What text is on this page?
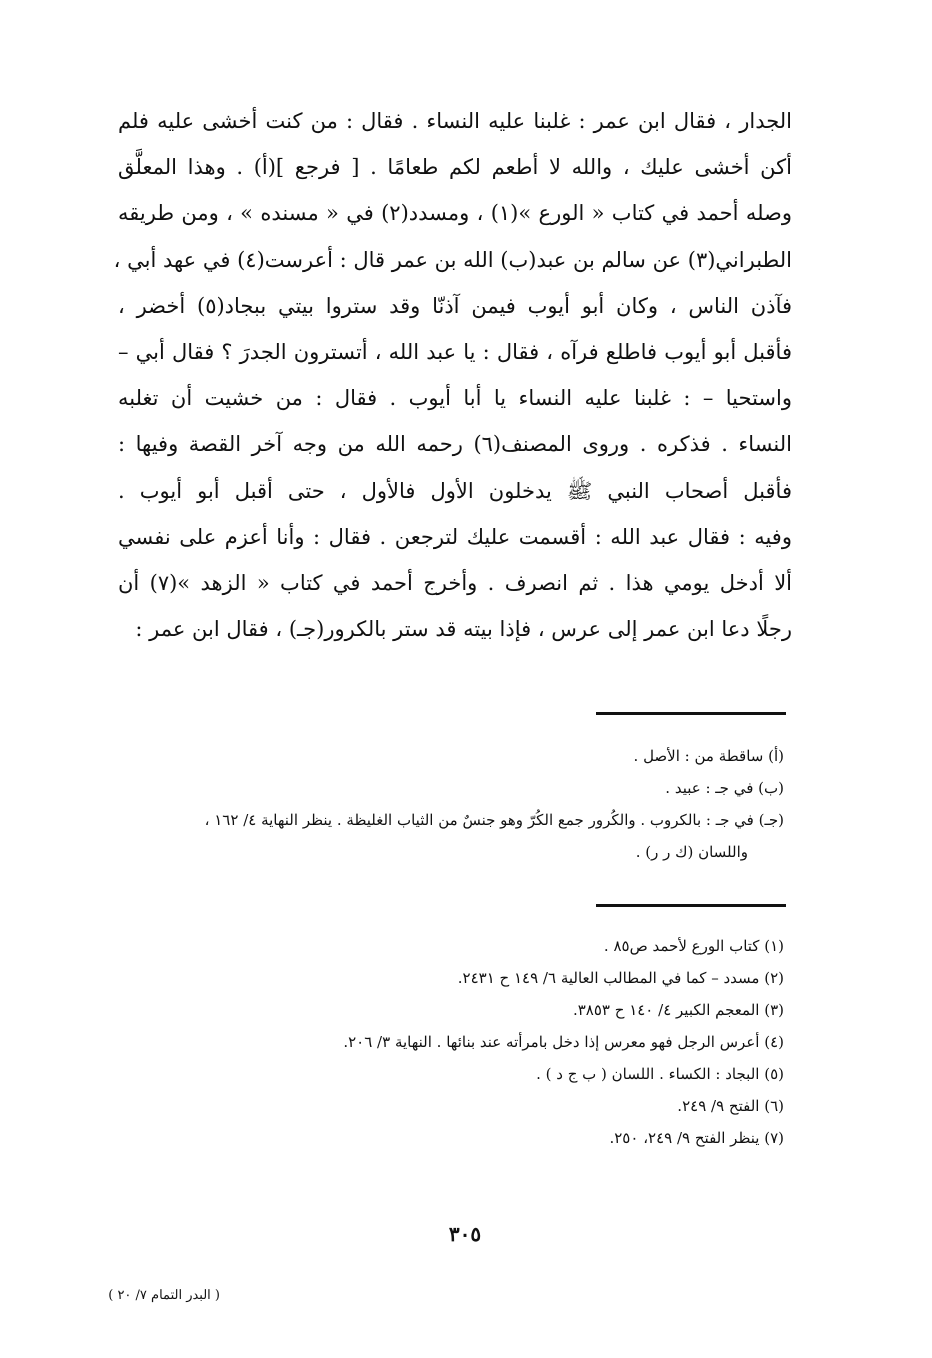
الجدار ، فقال ابن عمر : غلبنا عليه النساء . فقال : من كنت أخشى عليه فلم
أكن أخشى عليك ، والله لا أطعم لكم طعامًا . [ فرجع ](أ) . وهذا المعلَّق
وصله أحمد في كتاب « الورع »(١) ، ومسدد(٢) في « مسنده » ، ومن طريقه
الطبراني(٣) عن سالم بن عبد(ب) الله بن عمر قال : أعرست(٤) في عهد أبي ،
فآذن الناس ، وكان أبو أيوب فيمن آذنّا وقد ستروا بيتي ببجاد(٥) أخضر ،
فأقبل أبو أيوب فاطلع فرآه ، فقال : يا عبد الله ، أتسترون الجدرَ ؟ فقال أبي –
واستحيا – : غلبنا عليه النساء يا أبا أيوب . فقال : من خشيت أن تغلبه
النساء . فذكره . وروى المصنف(٦) رحمه الله من وجه آخر القصة وفيها :
فأقبل أصحاب النبي ﷺ يدخلون الأول فالأول ، حتى أقبل أبو أيوب .
وفيه : فقال عبد الله : أقسمت عليك لترجعن . فقال : وأنا أعزم على نفسي
ألا أدخل يومي هذا . ثم انصرف . وأخرج أحمد في كتاب « الزهد »(٧) أن
رجلًا دعا ابن عمر إلى عرس ، فإذا بيته قد ستر بالكرور(جـ) ، فقال ابن عمر :
(أ) ساقطة من : الأصل .
(ب) في جـ : عبيد .
(جـ) في جـ : بالكروب . والكُرور جمع الكُرّ وهو جنسٌ من الثياب الغليظة . ينظر النهاية ٤/ ١٦٢ ،
واللسان (ك ر ر) .
(١) كتاب الورع لأحمد ص٨٥ .
(٢) مسدد – كما في المطالب العالية ٦/ ١٤٩ ح ٢٤٣١.
(٣) المعجم الكبير ٤/ ١٤٠ ح ٣٨٥٣.
(٤) أعرس الرجل فهو معرس إذا دخل بامرأته عند بنائها . النهاية ٣/ ٢٠٦.
(٥) البجاد : الكساء . اللسان ( ب ج د ) .
(٦) الفتح ٩/ ٢٤٩.
(٧) ينظر الفتح ٩/ ٢٤٩، ٢٥٠.
٣٠٥
( البدر التمام ٧/ ٢٠ )
